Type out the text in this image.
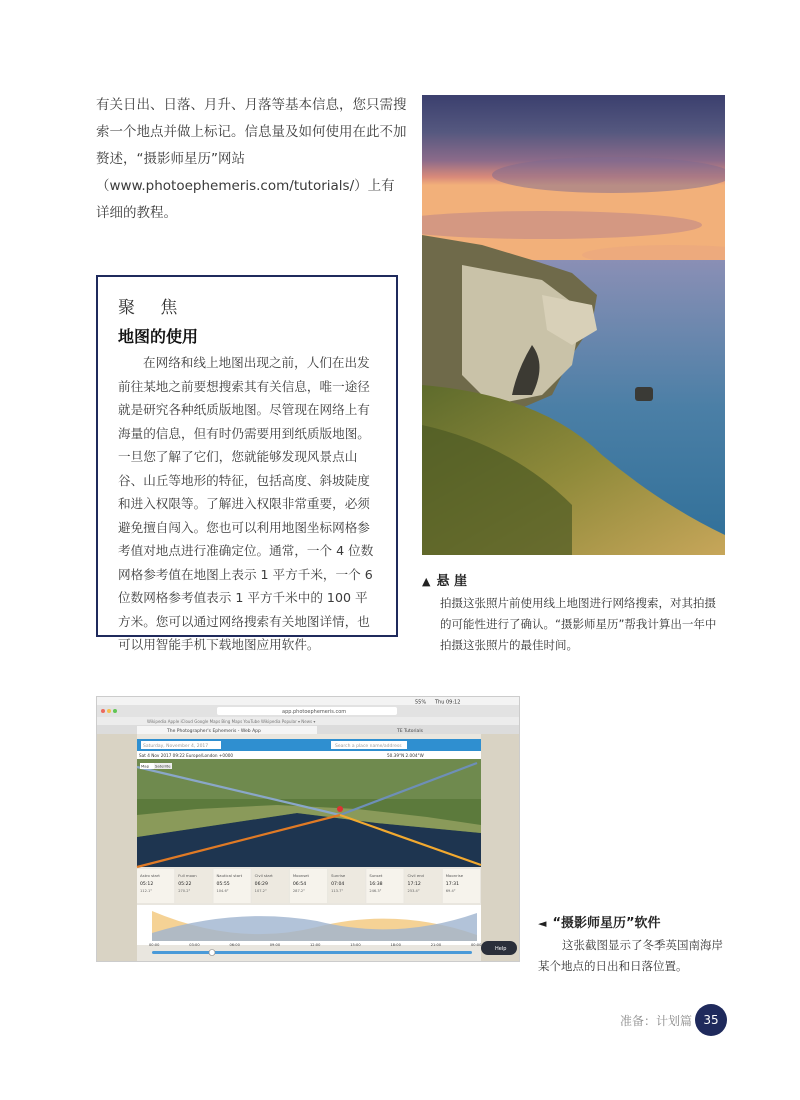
有关日出、日落、月升、月落等基本信息，您只需搜索一个地点并做上标记。信息量及如何使用在此不加赘述，“摄影师星历”网站（www.photoephemeris.com/tutorials/）上有详细的教程。

▲ 悬 崖

拍摄这张照片前使用线上地图进行网络搜索，对其拍摄的可能性进行了确认。“摄影师星历”帮我计算出一年中拍摄这张照片的最佳时间。

聚 焦

地图的使用

在网络和线上地图出现之前，人们在出发前往某地之前要想搜索其有关信息，唯一途径就是研究各种纸质版地图。尽管现在网络上有海量的信息，但有时仍需要用到纸质版地图。一旦您了解了它们，您就能够发现风景点山谷、山丘等地形的特征，包括高度、斜坡陡度和进入权限等。了解进入权限非常重要，必须避免擅自闯入。您也可以利用地图坐标网格参考值对地点进行准确定位。通常，一个 4 位数网格参考值在地图上表示 1 平方千米，一个 6 位数网格参考值表示 1 平方千米中的 100 平方米。您可以通过网络搜索有关地图详情，也可以用智能手机下载地图应用软件。

Thu 09:12
55%
app.photoephemeris.com
Wikipedia Apple iCloud Google Maps Bing Maps YouTube Wikipedia Popular ▾ News ▾
The Photographer's Ephemeris - Web App	TE Tutorials
Saturday, November 4, 2017	Search a place name/address
Sat 4 Nov 2017 09:22 Europe/London +0000	50.39°N 2.004°W
Map Satellite
Astro start
05:12
112.1°
Full moon
05:22
270.2°
Nautical start
05:55
104.6°
Civil start
06:29
107.2°
Moonset
06:54
287.2°
Sunrise
07:04
113.7°
Sunset
16:38
246.3°
Civil end
17:12
253.4°
Moonrise
17:31
69.4°
00:00	03:00	06:00	09:00	12:00	15:00	18:00	21:00	00:00
Help

◄ “摄影师星历”软件

这张截图显示了冬季英国南海岸某个地点的日出和日落位置。

准备：计划篇 35
